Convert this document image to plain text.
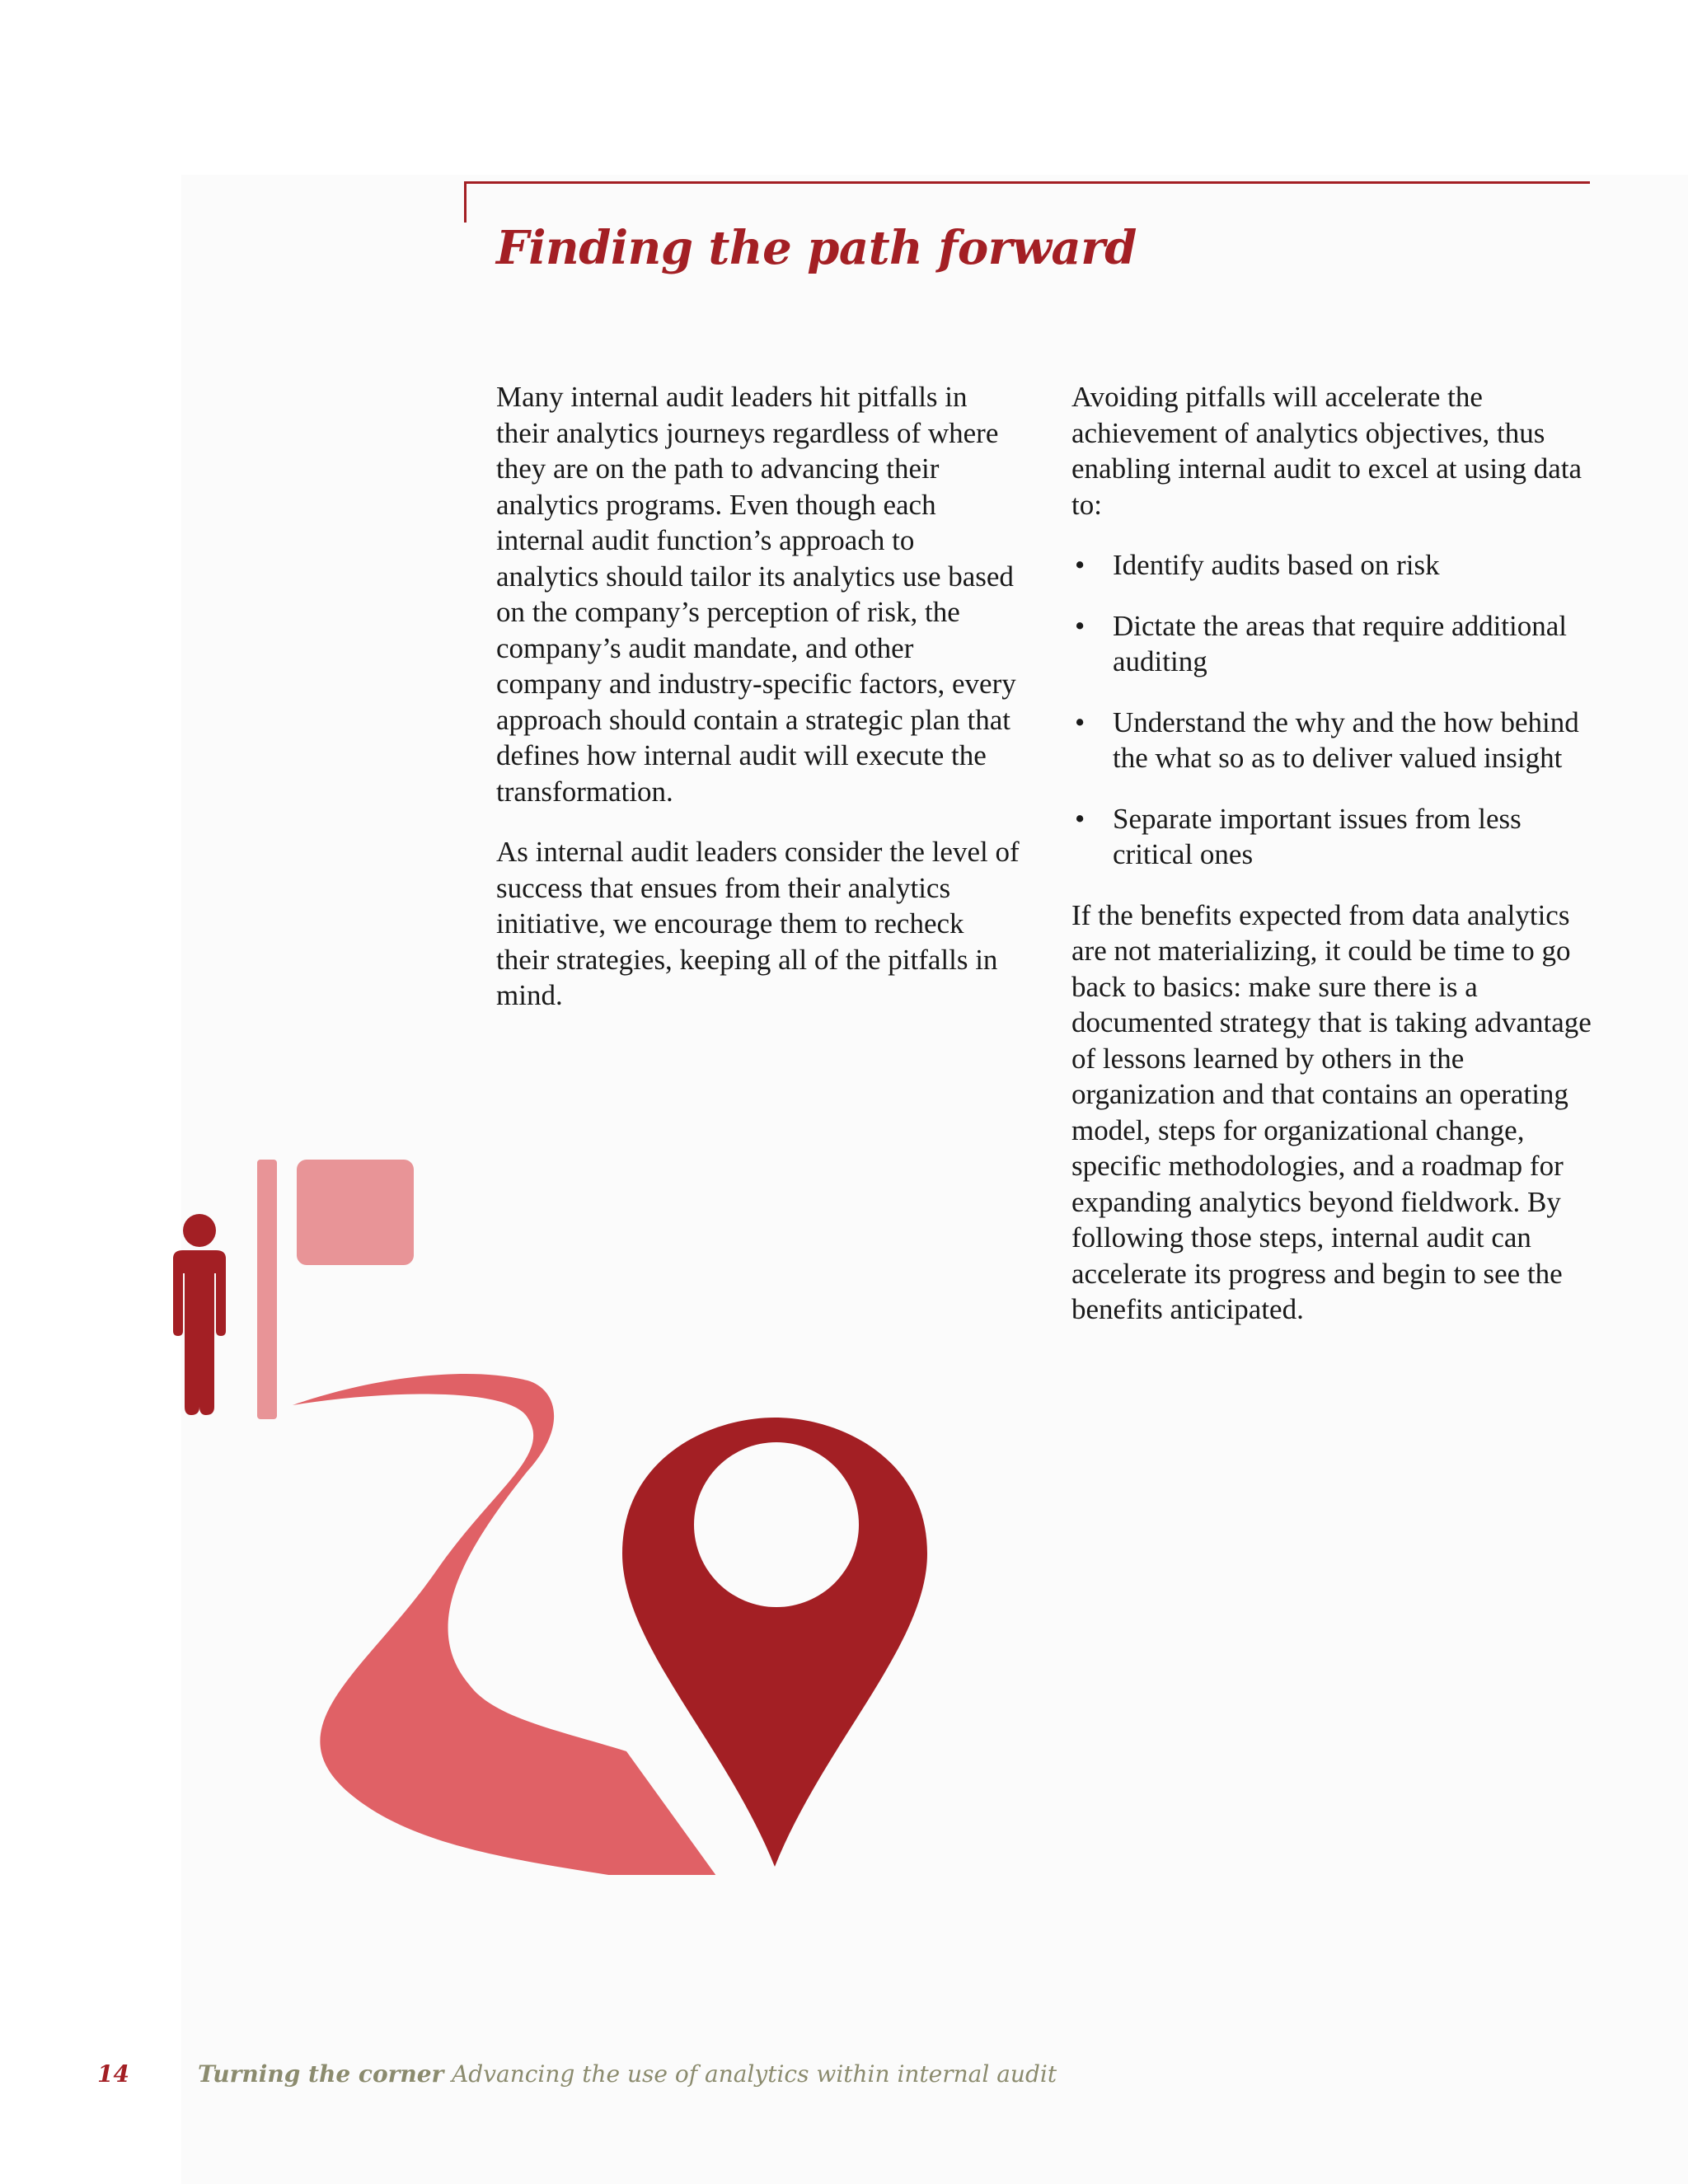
Finding the path forward

Many internal audit leaders hit pitfalls in their analytics journeys regardless of where they are on the path to advancing their analytics programs. Even though each internal audit function’s approach to analytics should tailor its analytics use based on the company’s perception of risk, the company’s audit mandate, and other company and industry-specific factors, every approach should contain a strategic plan that defines how internal audit will execute the transformation.

As internal audit leaders consider the level of success that ensues from their analytics initiative, we encourage them to recheck their strategies, keeping all of the pitfalls in mind.

Avoiding pitfalls will accelerate the achievement of analytics objectives, thus enabling internal audit to excel at using data to:

• Identify audits based on risk
• Dictate the areas that require additional auditing
• Understand the why and the how behind the what so as to deliver valued insight
• Separate important issues from less critical ones

If the benefits expected from data analytics are not materializing, it could be time to go back to basics: make sure there is a documented strategy that is taking advantage of lessons learned by others in the organization and that contains an operating model, steps for organizational change, specific methodologies, and a roadmap for expanding analytics beyond fieldwork. By following those steps, internal audit can accelerate its progress and begin to see the benefits anticipated.

14	Turning the corner Advancing the use of analytics within internal audit
